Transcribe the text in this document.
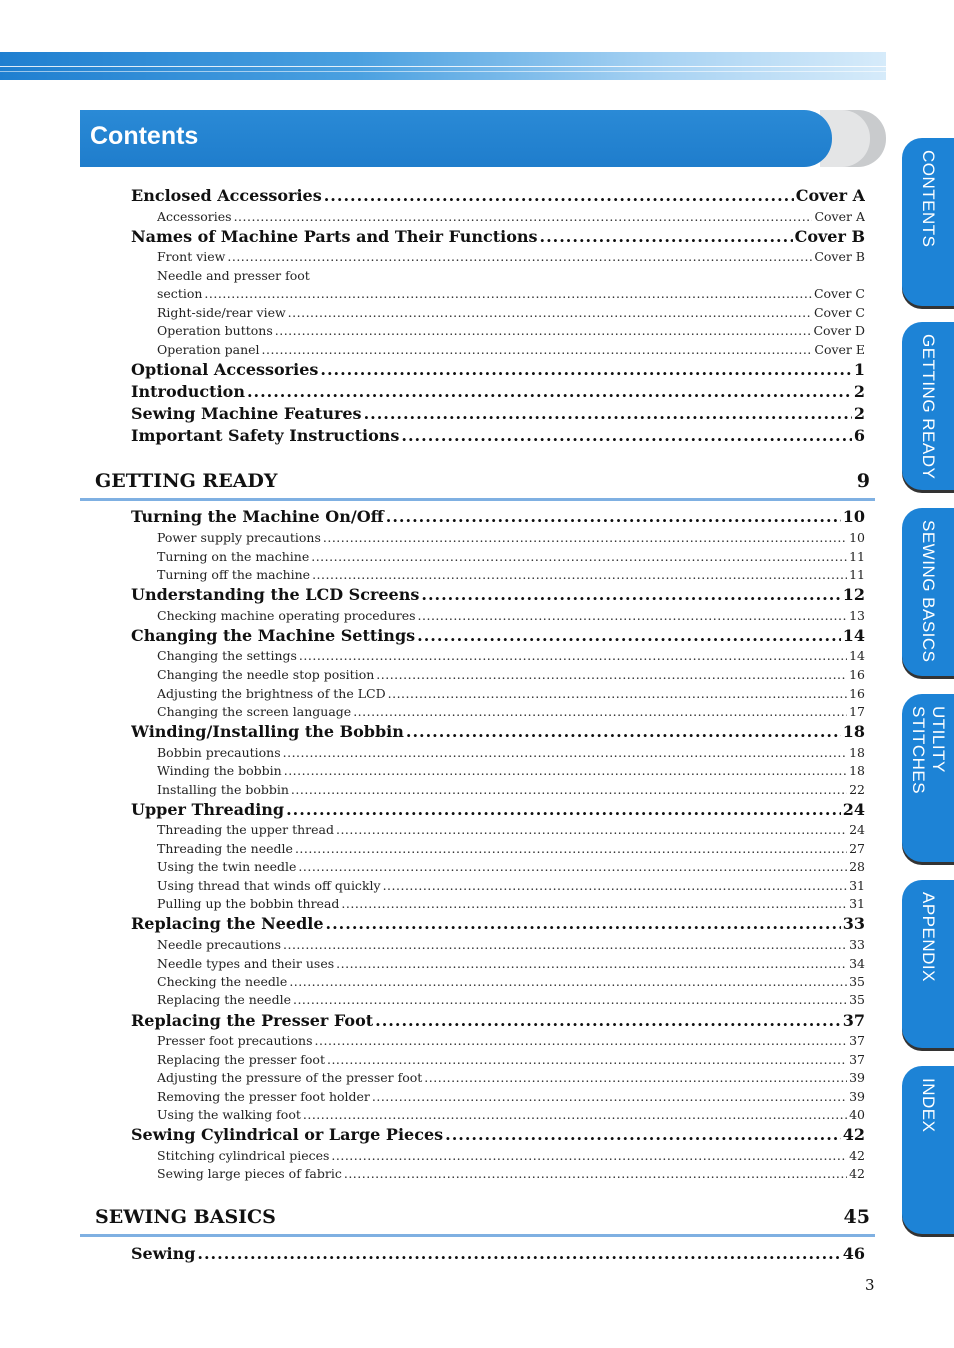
Contents
CONTENTS
GETTING READY
SEWING BASICS
UTILITY STITCHES
APPENDIX
INDEX
Enclosed Accessories .....	Cover A
Accessories .....	Cover A
Names of Machine Parts and Their Functions .....	Cover B
Front view .....	Cover B
Needle and presser foot
section .....	Cover C
Right-side/rear view .....	Cover C
Operation buttons .....	Cover D
Operation panel .....	Cover E
Optional Accessories .....	1
Introduction .....	2
Sewing Machine Features .....	2
Important Safety Instructions .....	6
GETTING READY	9
Turning the Machine On/Off .....	10
Power supply precautions .....	10
Turning on the machine .....	11
Turning off the machine .....	11
Understanding the LCD Screens .....	12
Checking machine operating procedures .....	13
Changing the Machine Settings .....	14
Changing the settings .....	14
Changing the needle stop position .....	16
Adjusting the brightness of the LCD .....	16
Changing the screen language .....	17
Winding/Installing the Bobbin .....	18
Bobbin precautions .....	18
Winding the bobbin .....	18
Installing the bobbin .....	22
Upper Threading .....	24
Threading the upper thread .....	24
Threading the needle .....	27
Using the twin needle .....	28
Using thread that winds off quickly .....	31
Pulling up the bobbin thread .....	31
Replacing the Needle .....	33
Needle precautions .....	33
Needle types and their uses .....	34
Checking the needle .....	35
Replacing the needle .....	35
Replacing the Presser Foot .....	37
Presser foot precautions .....	37
Replacing the presser foot .....	37
Adjusting the pressure of the presser foot .....	39
Removing the presser foot holder .....	39
Using the walking foot .....	40
Sewing Cylindrical or Large Pieces .....	42
Stitching cylindrical pieces .....	42
Sewing large pieces of fabric .....	42
SEWING BASICS	45
Sewing .....	46
3
